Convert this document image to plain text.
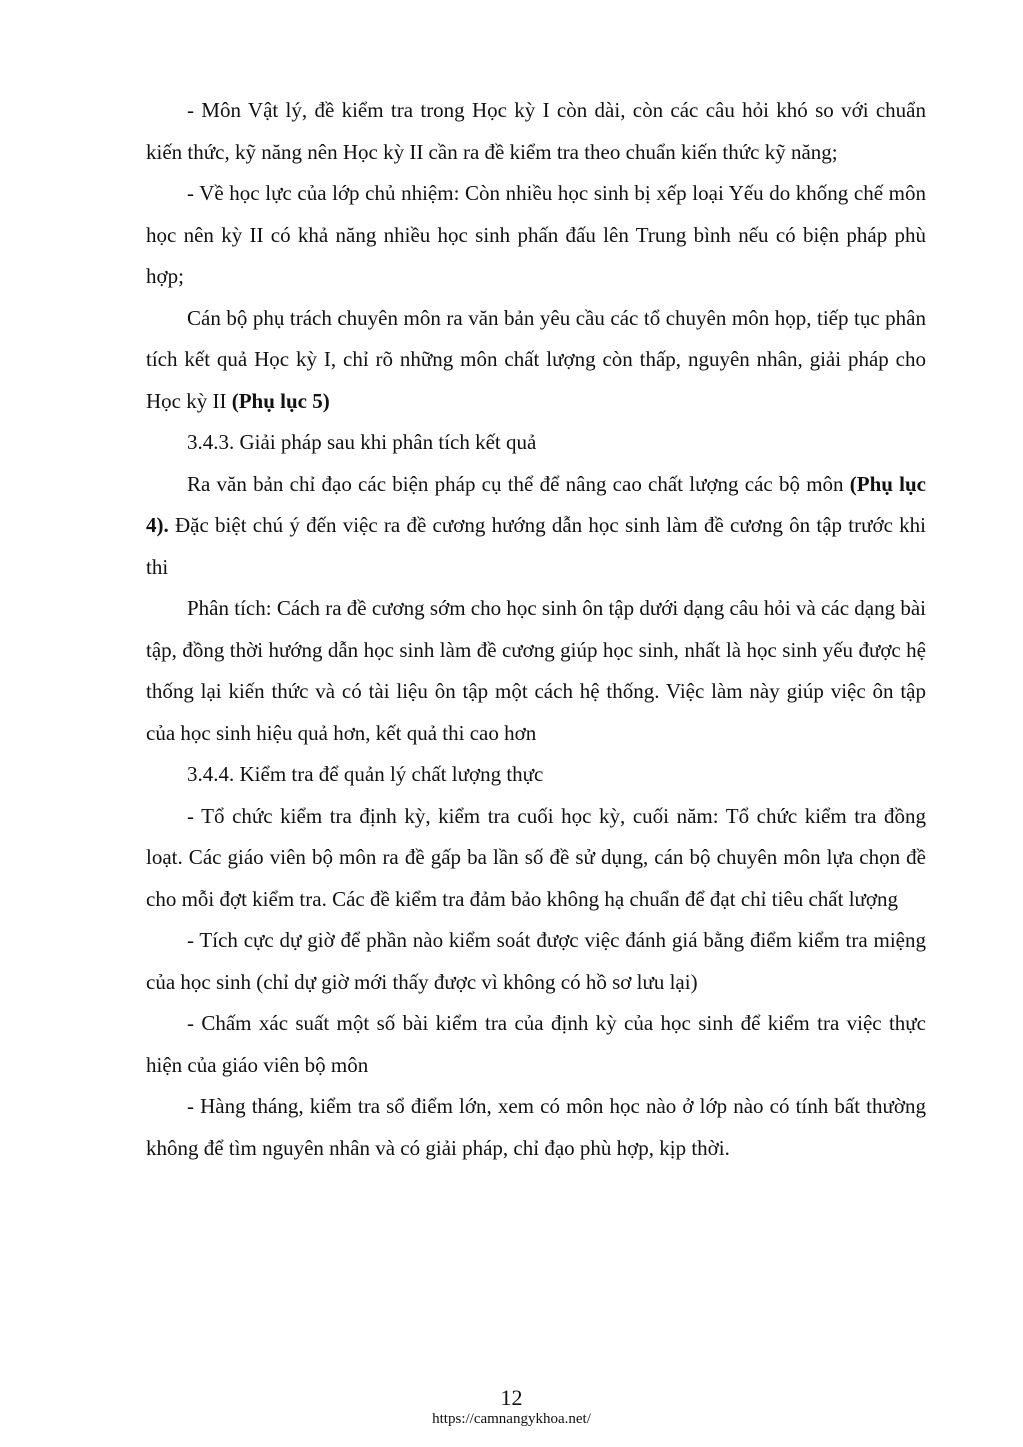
- Môn Vật lý, đề kiểm tra trong Học kỳ I còn dài, còn các câu hỏi khó so với chuẩn kiến thức, kỹ năng nên Học kỳ II cần ra đề kiểm tra theo chuẩn kiến thức kỹ năng;

- Về học lực của lớp chủ nhiệm: Còn nhiều học sinh bị xếp loại Yếu do khống chế môn học nên kỳ II có khả năng nhiều học sinh phấn đấu lên Trung bình nếu có biện pháp phù hợp;

Cán bộ phụ trách chuyên môn ra văn bản yêu cầu các tổ chuyên môn họp, tiếp tục phân tích kết quả Học kỳ I, chỉ rõ những môn chất lượng còn thấp, nguyên nhân, giải pháp cho Học kỳ II (Phụ lục 5)

3.4.3. Giải pháp sau khi phân tích kết quả

Ra văn bản chỉ đạo các biện pháp cụ thể để nâng cao chất lượng các bộ môn (Phụ lục 4). Đặc biệt chú ý đến việc ra đề cương hướng dẫn học sinh làm đề cương ôn tập trước khi thi

Phân tích: Cách ra đề cương sớm cho học sinh ôn tập dưới dạng câu hỏi và các dạng bài tập, đồng thời hướng dẫn học sinh làm đề cương giúp học sinh, nhất là học sinh yếu được hệ thống lại kiến thức và có tài liệu ôn tập một cách hệ thống. Việc làm này giúp việc ôn tập của học sinh hiệu quả hơn, kết quả thi cao hơn

3.4.4. Kiểm tra để quản lý chất lượng thực

- Tổ chức kiểm tra định kỳ, kiểm tra cuối học kỳ, cuối năm: Tổ chức kiểm tra đồng loạt. Các giáo viên bộ môn ra đề gấp ba lần số đề sử dụng, cán bộ chuyên môn lựa chọn đề cho mỗi đợt kiểm tra. Các đề kiểm tra đảm bảo không hạ chuẩn để đạt chỉ tiêu chất lượng

- Tích cực dự giờ để phần nào kiểm soát được việc đánh giá bằng điểm kiểm tra miệng của học sinh (chỉ dự giờ mới thấy được vì không có hồ sơ lưu lại)

- Chấm xác suất một số bài kiểm tra của định kỳ của học sinh để kiểm tra việc thực hiện của giáo viên bộ môn

- Hàng tháng, kiểm tra sổ điểm lớn, xem có môn học nào ở lớp nào có tính bất thường không để tìm nguyên nhân và có giải pháp, chỉ đạo phù hợp, kịp thời.

12
https://camnangykhoa.net/
